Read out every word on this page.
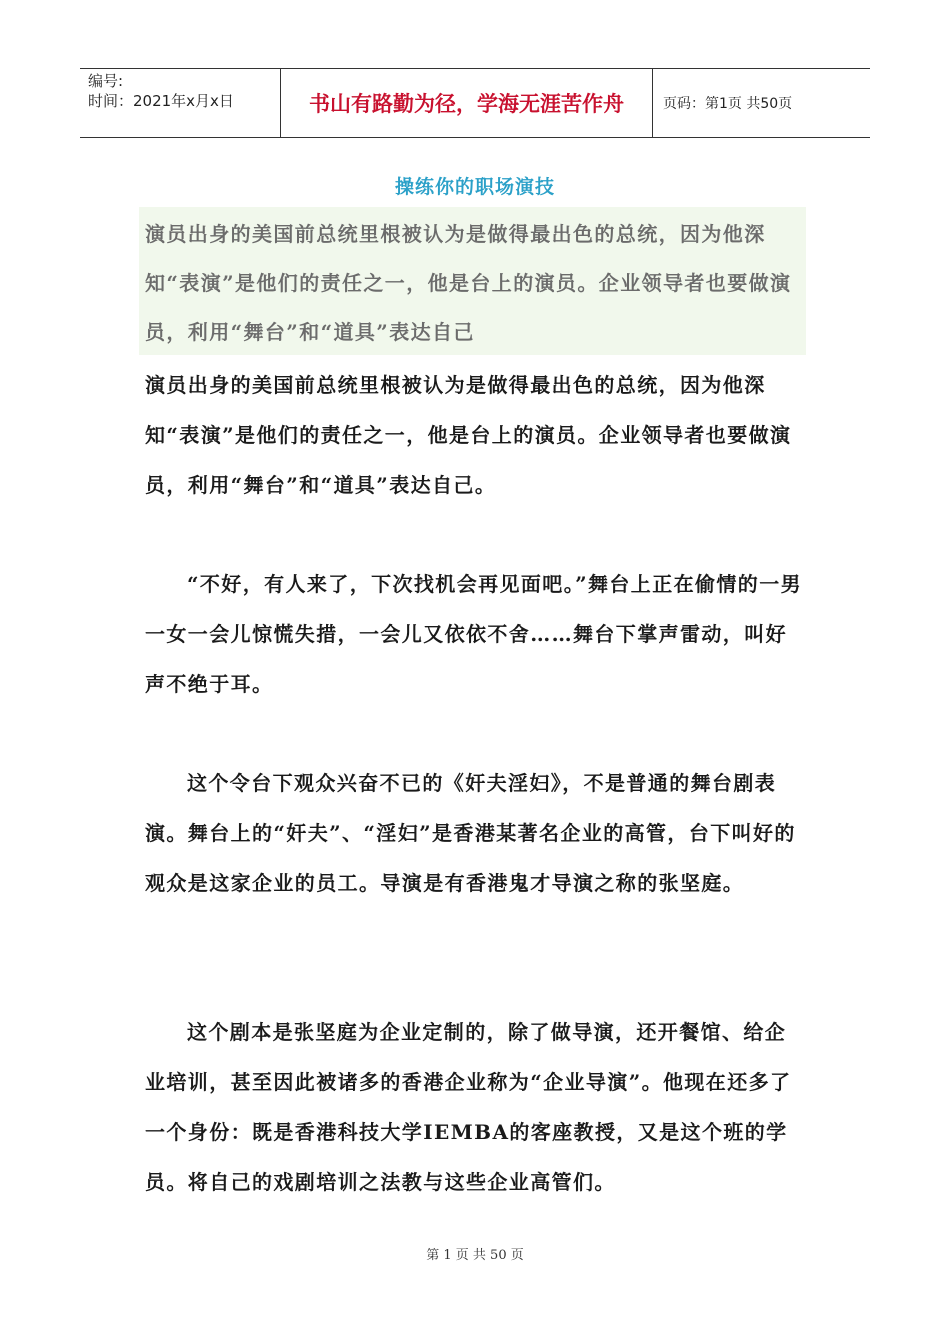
编号:
时间：2021年x月x日	书山有路勤为径，学海无涯苦作舟	页码：第1页 共50页
操练你的职场演技

演员出身的美国前总统里根被认为是做得最出色的总统，因为他深知“表演”是他们的责任之一，他是台上的演员。企业领导者也要做演员，利用“舞台”和“道具”表达自己

演员出身的美国前总统里根被认为是做得最出色的总统，因为他深知“表演”是他们的责任之一，他是台上的演员。企业领导者也要做演员，利用“舞台”和“道具”表达自己。

“不好，有人来了，下次找机会再见面吧。”舞台上正在偷情的一男一女一会儿惊慌失措，一会儿又依依不舍……舞台下掌声雷动，叫好声不绝于耳。

这个令台下观众兴奋不已的《奸夫淫妇》，不是普通的舞台剧表演。舞台上的“奸夫”、“淫妇”是香港某著名企业的高管，台下叫好的观众是这家企业的员工。导演是有香港鬼才导演之称的张坚庭。

这个剧本是张坚庭为企业定制的，除了做导演，还开餐馆、给企业培训，甚至因此被诸多的香港企业称为“企业导演”。他现在还多了一个身份：既是香港科技大学IEMBA的客座教授，又是这个班的学员。将自己的戏剧培训之法教与这些企业高管们。

第 1 页 共 50 页
